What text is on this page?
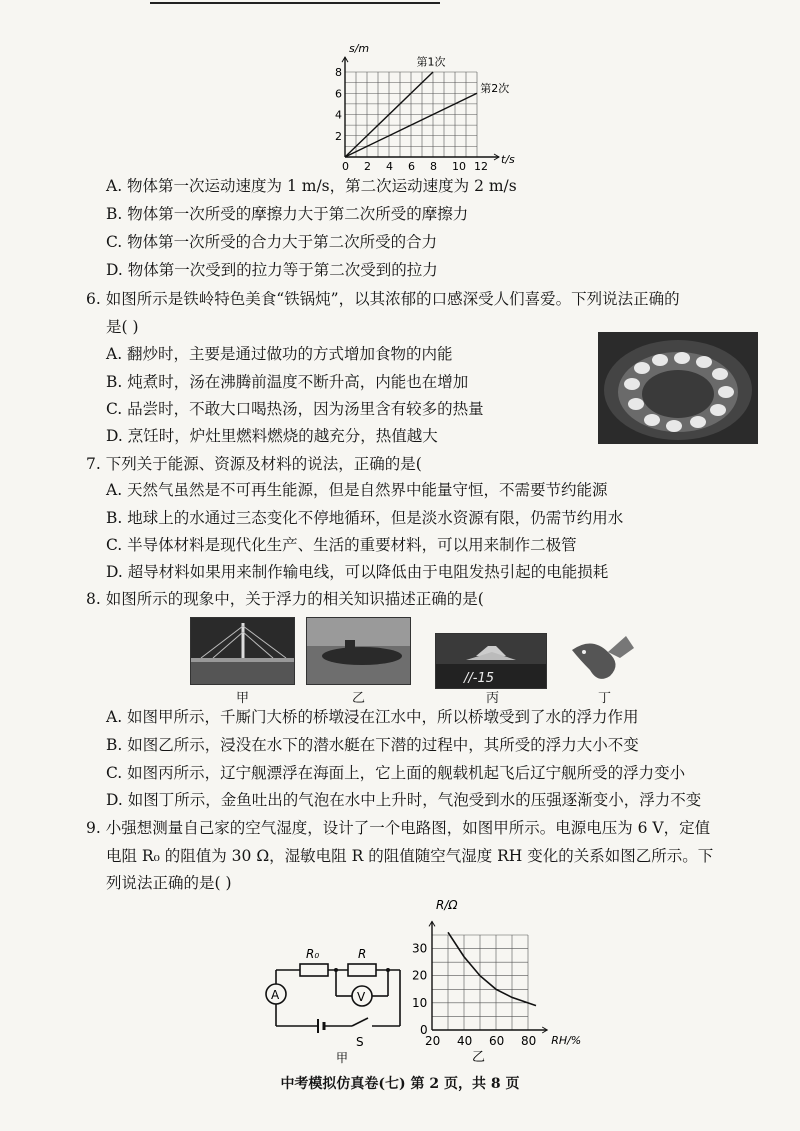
0 2 4 6 8 10 12
2
4
6
8
s/m
t/s
第1次
第2次
A. 物体第一次运动速度为 1 m/s，第二次运动速度为 2 m/s
B. 物体第一次所受的摩擦力大于第二次所受的摩擦力
C. 物体第一次所受的合力大于第二次所受的合力
D. 物体第一次受到的拉力等于第二次受到的拉力
6. 如图所示是铁岭特色美食“铁锅炖”，以其浓郁的口感深受人们喜爱。下列说法正确的
是( )
A. 翻炒时，主要是通过做功的方式增加食物的内能
B. 炖煮时，汤在沸腾前温度不断升高，内能也在增加
C. 品尝时，不敢大口喝热汤，因为汤里含有较多的热量
D. 烹饪时，炉灶里燃料燃烧的越充分，热值越大
7. 下列关于能源、资源及材料的说法，正确的是(
A. 天然气虽然是不可再生能源，但是自然界中能量守恒，不需要节约能源
B. 地球上的水通过三态变化不停地循环，但是淡水资源有限，仍需节约用水
C. 半导体材料是现代化生产、生活的重要材料，可以用来制作二极管
D. 超导材料如果用来制作输电线，可以降低由于电阻发热引起的电能损耗
8. 如图所示的现象中，关于浮力的相关知识描述正确的是(
//-15
甲	乙	丙	丁
A. 如图甲所示，千厮门大桥的桥墩浸在江水中，所以桥墩受到了水的浮力作用
B. 如图乙所示，浸没在水下的潜水艇在下潜的过程中，其所受的浮力大小不变
C. 如图丙所示，辽宁舰漂浮在海面上，它上面的舰载机起飞后辽宁舰所受的浮力变小
D. 如图丁所示，金鱼吐出的气泡在水中上升时，气泡受到水的压强逐渐变小，浮力不变
9. 小强想测量自己家的空气湿度，设计了一个电路图，如图甲所示。电源电压为 6 V，定值
电阻 R₀ 的阻值为 30 Ω，湿敏电阻 R 的阻值随空气湿度 RH 变化的关系如图乙所示。下
列说法正确的是( )
R₀	R
A	V
S
甲
20 40 60 80
0
10
20
30
R/Ω
RH/%
乙
中考模拟仿真卷(七) 第 2 页，共 8 页
